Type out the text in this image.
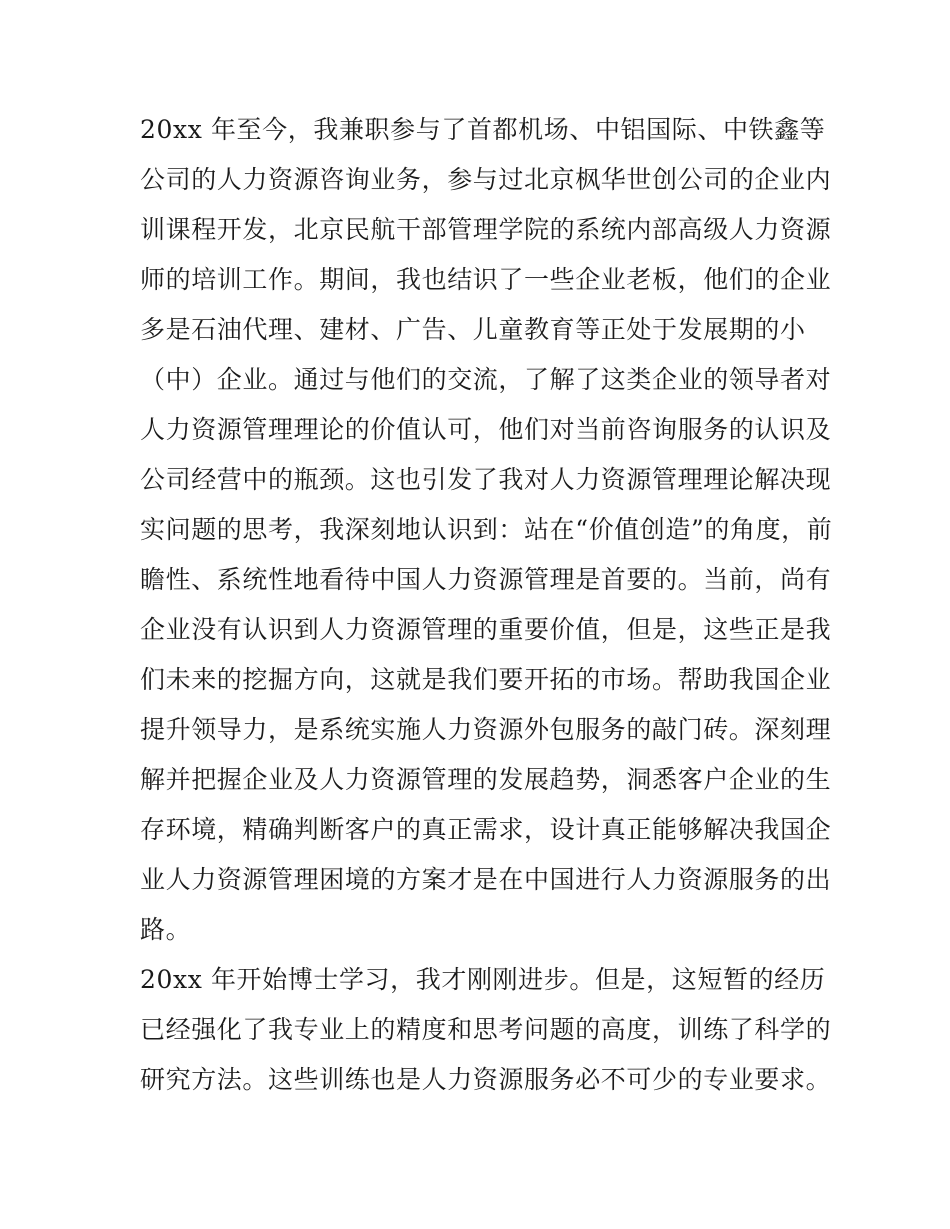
20xx 年至今，我兼职参与了首都机场、中铝国际、中铁鑫等

公司的人力资源咨询业务，参与过北京枫华世创公司的企业内

训课程开发，北京民航干部管理学院的系统内部高级人力资源

师的培训工作。期间，我也结识了一些企业老板，他们的企业

多是石油代理、建材、广告、儿童教育等正处于发展期的小

（中）企业。通过与他们的交流，了解了这类企业的领导者对

人力资源管理理论的价值认可，他们对当前咨询服务的认识及

公司经营中的瓶颈。这也引发了我对人力资源管理理论解决现

实问题的思考，我深刻地认识到：站在“价值创造”的角度，前

瞻性、系统性地看待中国人力资源管理是首要的。当前，尚有

企业没有认识到人力资源管理的重要价值，但是，这些正是我

们未来的挖掘方向，这就是我们要开拓的市场。帮助我国企业

提升领导力，是系统实施人力资源外包服务的敲门砖。深刻理

解并把握企业及人力资源管理的发展趋势，洞悉客户企业的生

存环境，精确判断客户的真正需求，设计真正能够解决我国企

业人力资源管理困境的方案才是在中国进行人力资源服务的出

路。

20xx 年开始博士学习，我才刚刚进步。但是，这短暂的经历

已经强化了我专业上的精度和思考问题的高度，训练了科学的

研究方法。这些训练也是人力资源服务必不可少的专业要求。
